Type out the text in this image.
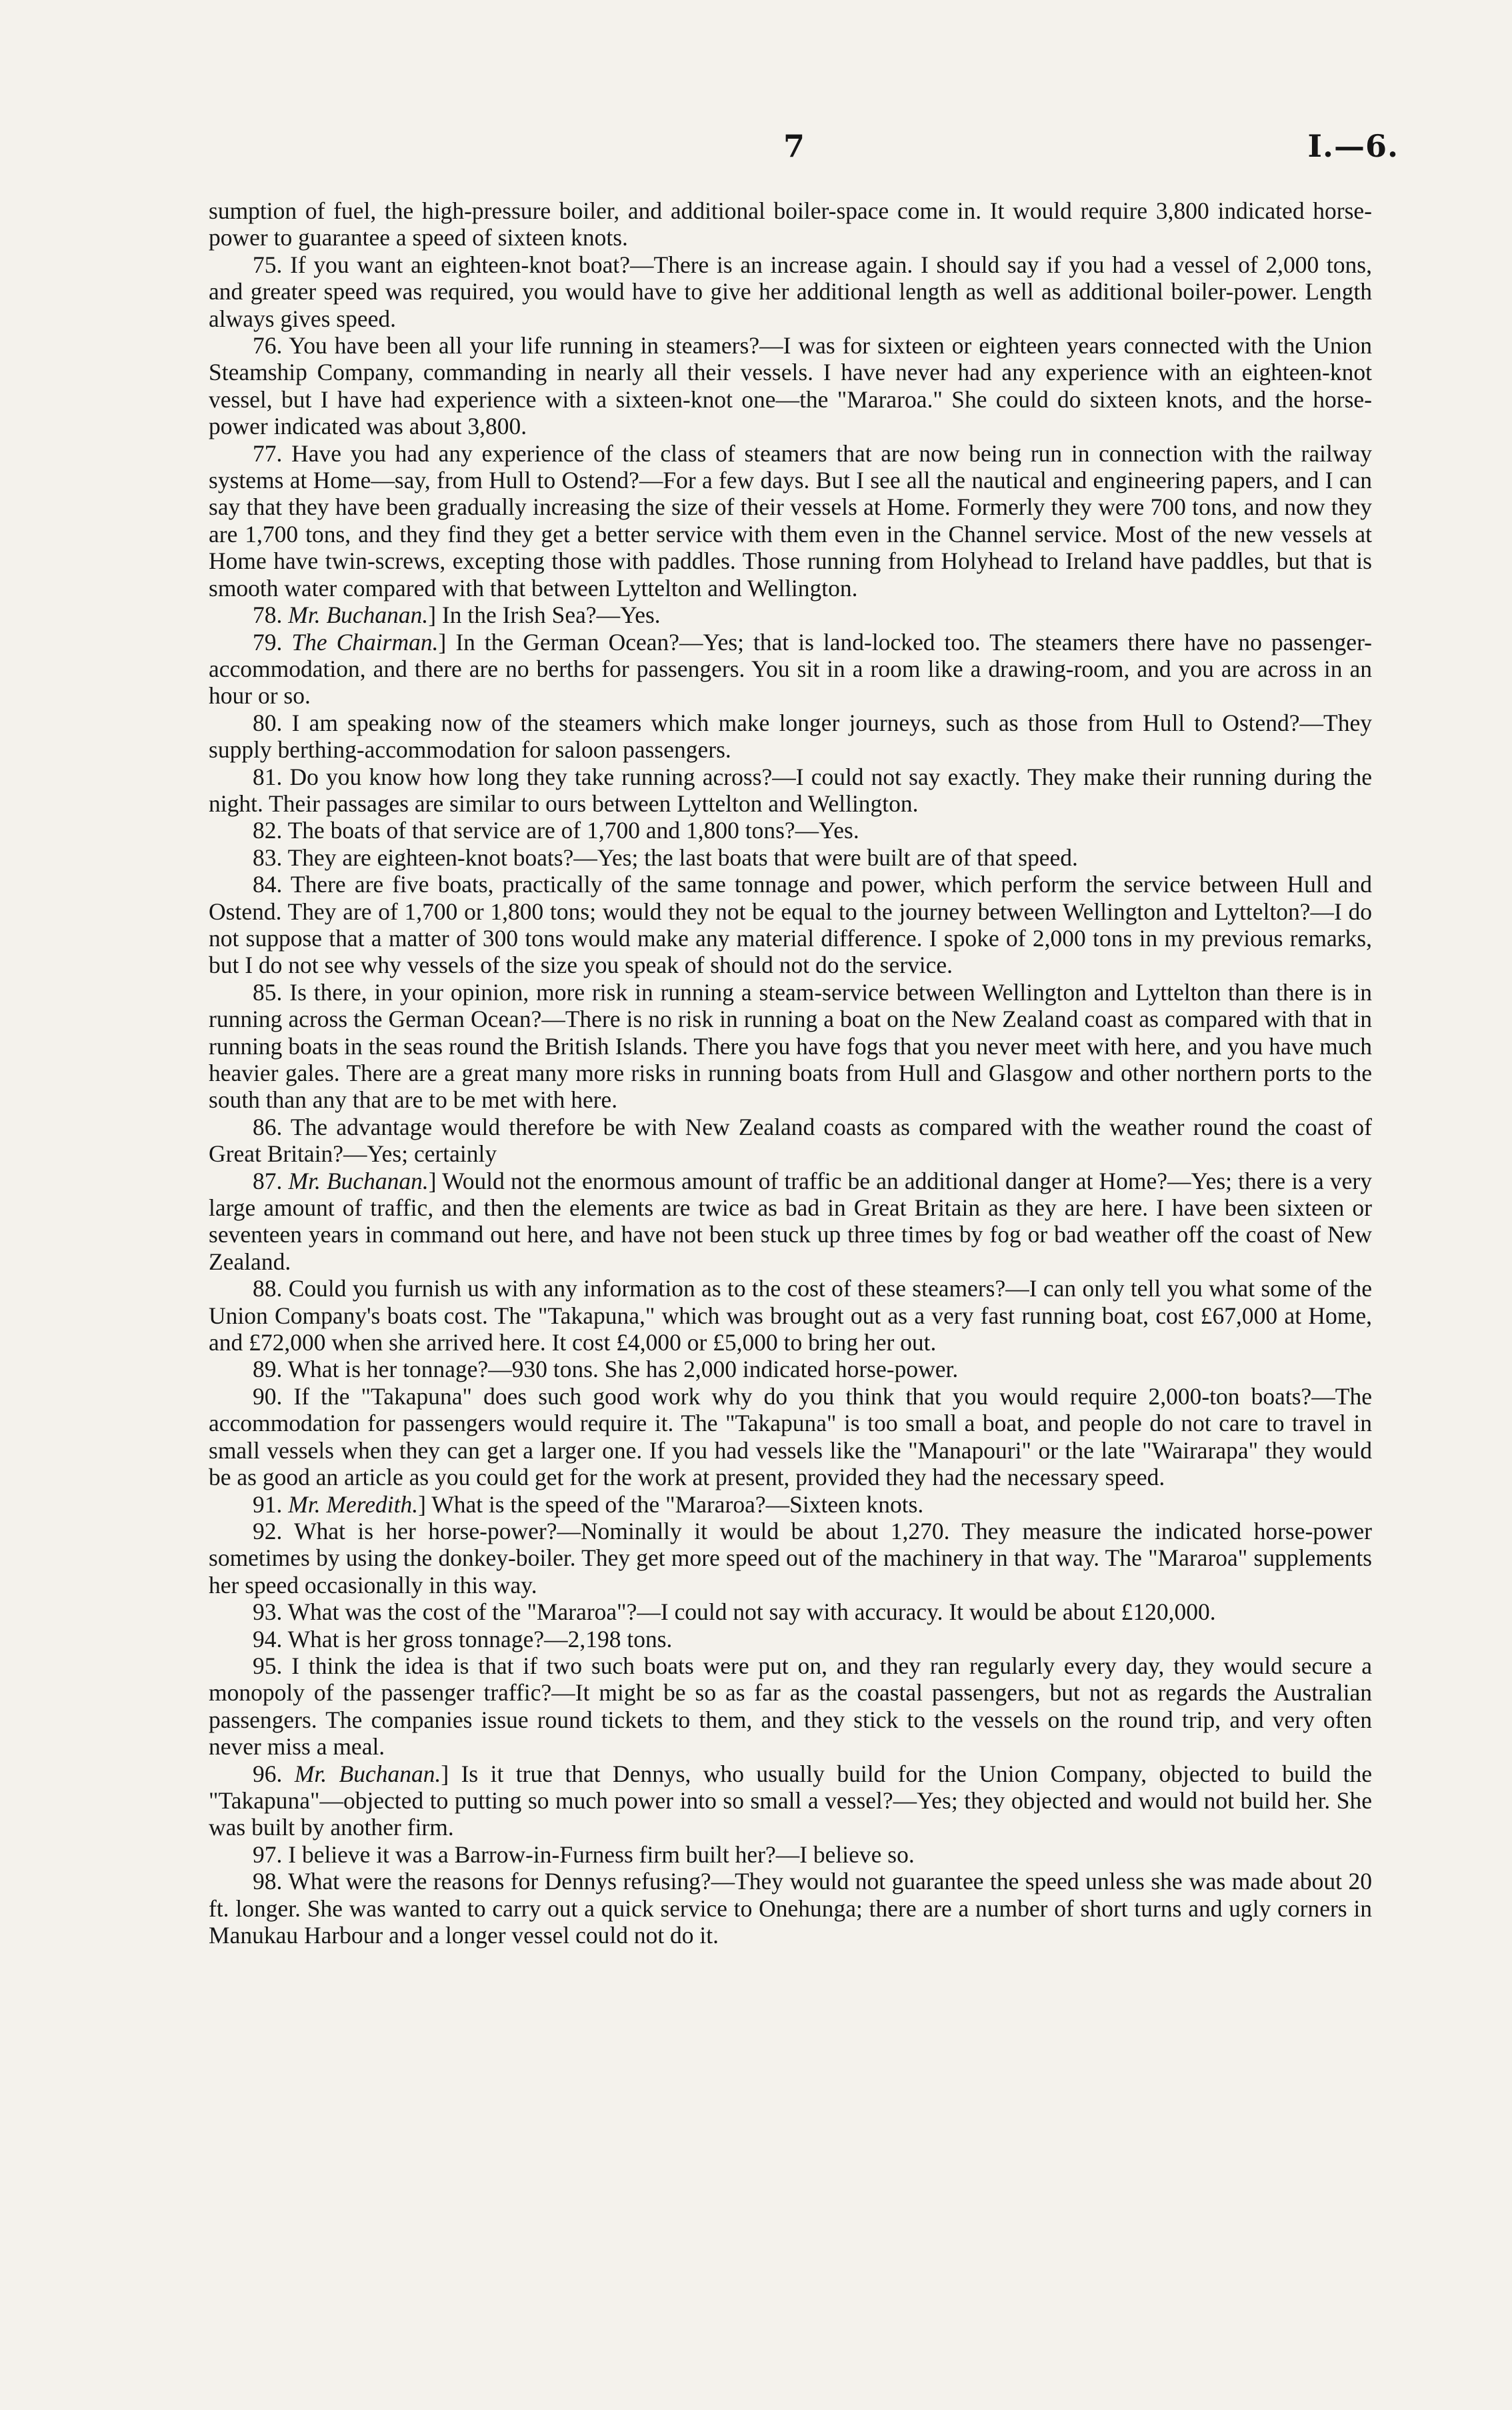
7	I.—6.

sumption of fuel, the high-pressure boiler, and additional boiler-space come in. It would require 3,800 indicated horse-power to guarantee a speed of sixteen knots.

75. If you want an eighteen-knot boat?—There is an increase again. I should say if you had a vessel of 2,000 tons, and greater speed was required, you would have to give her additional length as well as additional boiler-power. Length always gives speed.

76. You have been all your life running in steamers?—I was for sixteen or eighteen years connected with the Union Steamship Company, commanding in nearly all their vessels. I have never had any experience with an eighteen-knot vessel, but I have had experience with a sixteen-knot one—the "Mararoa." She could do sixteen knots, and the horse-power indicated was about 3,800.

77. Have you had any experience of the class of steamers that are now being run in connection with the railway systems at Home—say, from Hull to Ostend?—For a few days. But I see all the nautical and engineering papers, and I can say that they have been gradually increasing the size of their vessels at Home. Formerly they were 700 tons, and now they are 1,700 tons, and they find they get a better service with them even in the Channel service. Most of the new vessels at Home have twin-screws, excepting those with paddles. Those running from Holyhead to Ireland have paddles, but that is smooth water compared with that between Lyttelton and Wellington.

78. Mr. Buchanan.] In the Irish Sea?—Yes.

79. The Chairman.] In the German Ocean?—Yes; that is land-locked too. The steamers there have no passenger-accommodation, and there are no berths for passengers. You sit in a room like a drawing-room, and you are across in an hour or so.

80. I am speaking now of the steamers which make longer journeys, such as those from Hull to Ostend?—They supply berthing-accommodation for saloon passengers.

81. Do you know how long they take running across?—I could not say exactly. They make their running during the night. Their passages are similar to ours between Lyttelton and Wellington.

82. The boats of that service are of 1,700 and 1,800 tons?—Yes.

83. They are eighteen-knot boats?—Yes; the last boats that were built are of that speed.

84. There are five boats, practically of the same tonnage and power, which perform the service between Hull and Ostend. They are of 1,700 or 1,800 tons; would they not be equal to the journey between Wellington and Lyttelton?—I do not suppose that a matter of 300 tons would make any material difference. I spoke of 2,000 tons in my previous remarks, but I do not see why vessels of the size you speak of should not do the service.

85. Is there, in your opinion, more risk in running a steam-service between Wellington and Lyttelton than there is in running across the German Ocean?—There is no risk in running a boat on the New Zealand coast as compared with that in running boats in the seas round the British Islands. There you have fogs that you never meet with here, and you have much heavier gales. There are a great many more risks in running boats from Hull and Glasgow and other northern ports to the south than any that are to be met with here.

86. The advantage would therefore be with New Zealand coasts as compared with the weather round the coast of Great Britain?—Yes; certainly

87. Mr. Buchanan.] Would not the enormous amount of traffic be an additional danger at Home?—Yes; there is a very large amount of traffic, and then the elements are twice as bad in Great Britain as they are here. I have been sixteen or seventeen years in command out here, and have not been stuck up three times by fog or bad weather off the coast of New Zealand.

88. Could you furnish us with any information as to the cost of these steamers?—I can only tell you what some of the Union Company's boats cost. The "Takapuna," which was brought out as a very fast running boat, cost £67,000 at Home, and £72,000 when she arrived here. It cost £4,000 or £5,000 to bring her out.

89. What is her tonnage?—930 tons. She has 2,000 indicated horse-power.

90. If the "Takapuna" does such good work why do you think that you would require 2,000-ton boats?—The accommodation for passengers would require it. The "Takapuna" is too small a boat, and people do not care to travel in small vessels when they can get a larger one. If you had vessels like the "Manapouri" or the late "Wairarapa" they would be as good an article as you could get for the work at present, provided they had the necessary speed.

91. Mr. Meredith.] What is the speed of the "Mararoa?—Sixteen knots.

92. What is her horse-power?—Nominally it would be about 1,270. They measure the indicated horse-power sometimes by using the donkey-boiler. They get more speed out of the machinery in that way. The "Mararoa" supplements her speed occasionally in this way.

93. What was the cost of the "Mararoa"?—I could not say with accuracy. It would be about £120,000.

94. What is her gross tonnage?—2,198 tons.

95. I think the idea is that if two such boats were put on, and they ran regularly every day, they would secure a monopoly of the passenger traffic?—It might be so as far as the coastal passengers, but not as regards the Australian passengers. The companies issue round tickets to them, and they stick to the vessels on the round trip, and very often never miss a meal.

96. Mr. Buchanan.] Is it true that Dennys, who usually build for the Union Company, objected to build the "Takapuna"—objected to putting so much power into so small a vessel?—Yes; they objected and would not build her. She was built by another firm.

97. I believe it was a Barrow-in-Furness firm built her?—I believe so.

98. What were the reasons for Dennys refusing?—They would not guarantee the speed unless she was made about 20 ft. longer. She was wanted to carry out a quick service to Onehunga; there are a number of short turns and ugly corners in Manukau Harbour and a longer vessel could not do it.
